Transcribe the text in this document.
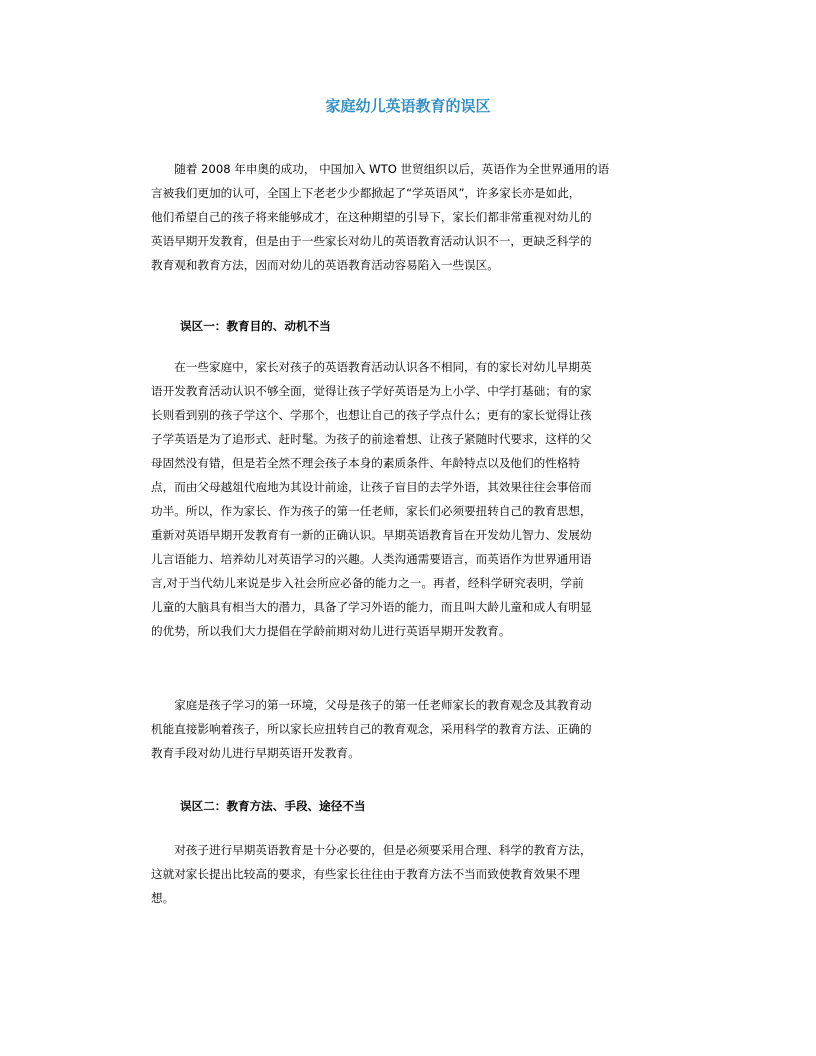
家庭幼儿英语教育的误区
　　随着 2008 年申奥的成功， 中国加入 WTO 世贸组织以后，英语作为全世界通用的语
言被我们更加的认可，全国上下老老少少都掀起了“学英语风”，许多家长亦是如此，
他们希望自己的孩子将来能够成才，在这种期望的引导下，家长们都非常重视对幼儿的
英语早期开发教育，但是由于一些家长对幼儿的英语教育活动认识不一，更缺乏科学的
教育观和教育方法，因而对幼儿的英语教育活动容易陷入一些误区。
误区一：教育目的、动机不当
　　在一些家庭中，家长对孩子的英语教育活动认识各不相同，有的家长对幼儿早期英
语开发教育活动认识不够全面，觉得让孩子学好英语是为上小学、中学打基础；有的家
长则看到别的孩子学这个、学那个，也想让自己的孩子学点什么；更有的家长觉得让孩
子学英语是为了追形式、赶时髦。为孩子的前途着想、让孩子紧随时代要求，这样的父
母固然没有错，但是若全然不理会孩子本身的素质条件、年龄特点以及他们的性格特
点，而由父母越俎代庖地为其设计前途，让孩子盲目的去学外语，其效果往往会事倍而
功半。所以，作为家长、作为孩子的第一任老师，家长们必须要扭转自己的教育思想，
重新对英语早期开发教育有一新的正确认识。早期英语教育旨在开发幼儿智力、发展幼
儿言语能力、培养幼儿对英语学习的兴趣。人类沟通需要语言，而英语作为世界通用语
言,对于当代幼儿来说是步入社会所应必备的能力之一。再者，经科学研究表明，学前
儿童的大脑具有相当大的潜力，具备了学习外语的能力，而且叫大龄儿童和成人有明显
的优势，所以我们大力提倡在学龄前期对幼儿进行英语早期开发教育。
　　家庭是孩子学习的第一环境，父母是孩子的第一任老师家长的教育观念及其教育动
机能直接影响着孩子，所以家长应扭转自己的教育观念，采用科学的教育方法、正确的
教育手段对幼儿进行早期英语开发教育。
误区二：教育方法、手段、途径不当
　　对孩子进行早期英语教育是十分必要的，但是必须要采用合理、科学的教育方法，
这就对家长提出比较高的要求，有些家长往往由于教育方法不当而致使教育效果不理
想。
